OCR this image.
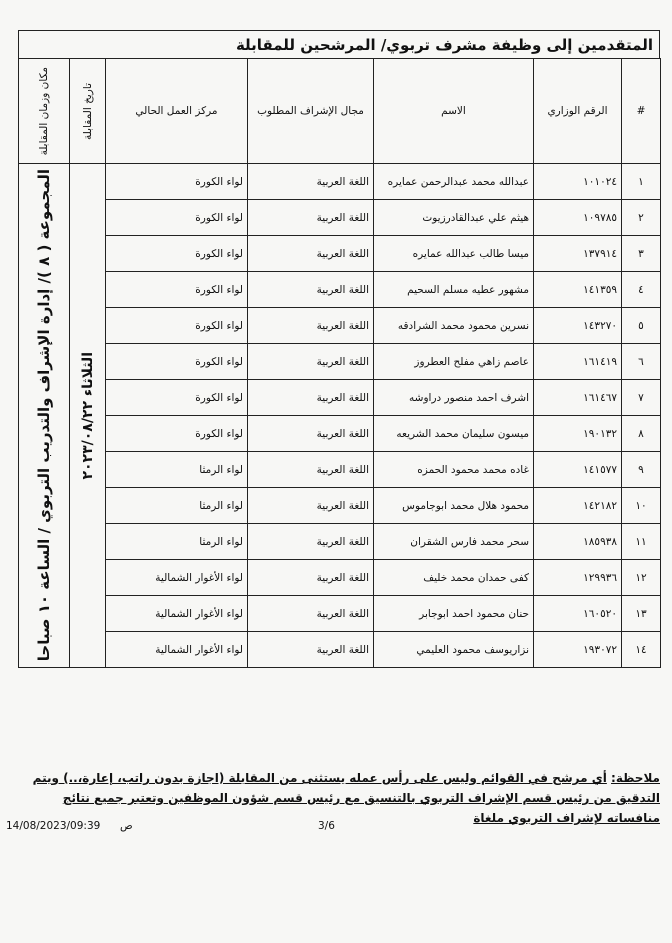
المتقدمين إلى وظيفة مشرف تربوي/ المرشحين للمقابلة
#	الرقم الوزاري	الاسم	مجال الإشراف المطلوب	مركز العمل الحالي	تاريخ المقابلة	مكان وزمان المقابلة

١	١٠١٠٢٤	عبدالله محمد عبدالرحمن عمايره	اللغة العربية	لواء الكورة	الثلاثاء ٢٠٢٣/٠٨/٢٢	المجموعة ( ٨ )/ إدارة الإشراف والتدريب التربوي / الساعة ١٠ صباحا

٢	١٠٩٧٨٥	هيثم علي عبدالقادرزيوت	اللغة العربية	لواء الكورة		
٣	١٣٧٩١٤	ميسا طالب عبدالله عمايره	اللغة العربية	لواء الكورة		
٤	١٤١٣٥٩	مشهور عطيه مسلم السحيم	اللغة العربية	لواء الكورة		
٥	١٤٣٢٧٠	نسرين محمود محمد الشرادقه	اللغة العربية	لواء الكورة		
٦	١٦١٤١٩	عاصم زاهي مفلح العطروز	اللغة العربية	لواء الكورة		
٧	١٦١٤٦٧	اشرف احمد منصور دراوشه	اللغة العربية	لواء الكورة		
٨	١٩٠١٣٢	ميسون سليمان محمد الشريعه	اللغة العربية	لواء الكورة		
٩	١٤١٥٧٧	غاده محمد محمود الحمزه	اللغة العربية	لواء الرمثا		
١٠	١٤٢١٨٢	محمود هلال محمد ابوجاموس	اللغة العربية	لواء الرمثا		
١١	١٨٥٩٣٨	سحر محمد فارس الشقران	اللغة العربية	لواء الرمثا		
١٢	١٢٩٩٣٦	كفى حمدان محمد خليف	اللغة العربية	لواء الأغوار الشمالية		
١٣	١٦٠٥٢٠	حنان محمود احمد ابوجابر	اللغة العربية	لواء الأغوار الشمالية		
١٤	١٩٣٠٧٢	نزاريوسف محمود العليمي	اللغة العربية	لواء الأغوار الشمالية		
ملاحظة: أي مرشح في القوائم وليس على رأس عمله يستثنى من المقابلة (اجازة بدون راتب، إعارة،..) ويتم التدقيق من رئيس قسم الإشراف التربوي بالتنسيق مع رئيس قسم شؤون الموظفين وتعتبر جميع نتائج منافساته لإشراف التربوي ملغاة
14/08/2023/09:39 ص	3/6
